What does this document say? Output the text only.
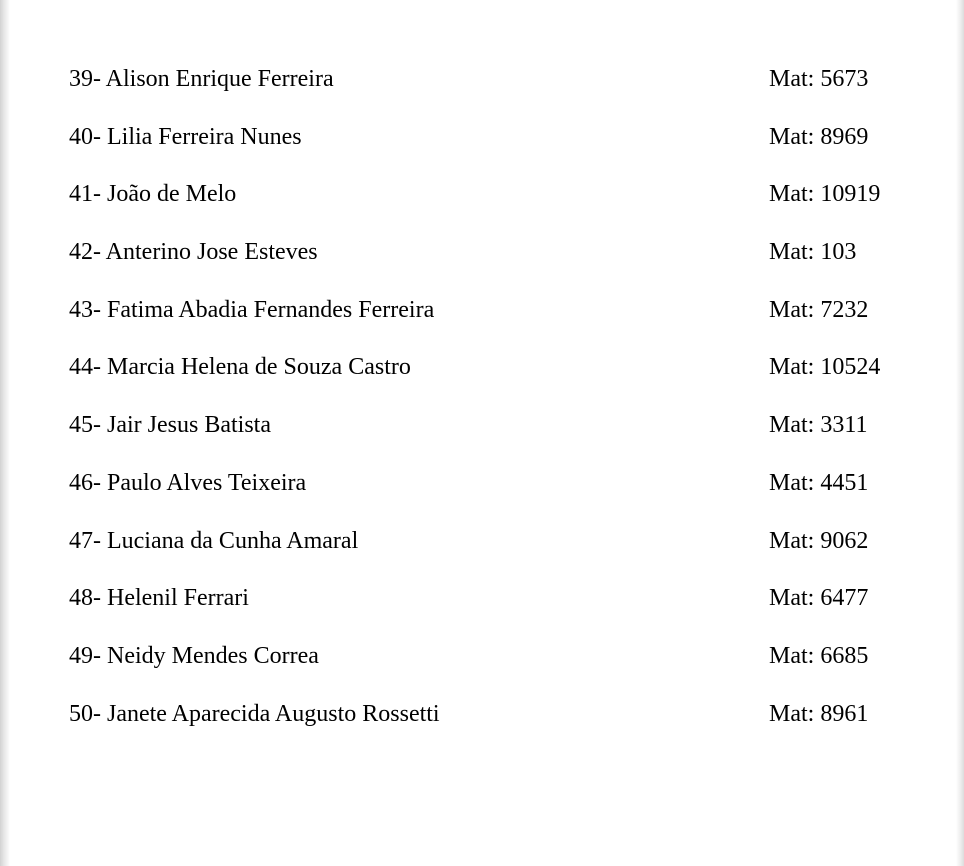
39- Alison Enrique Ferreira	Mat: 5673
40- Lilia Ferreira Nunes	Mat: 8969
41- João de Melo	Mat: 10919
42- Anterino Jose Esteves	Mat: 103
43- Fatima Abadia Fernandes Ferreira	Mat: 7232
44- Marcia Helena de Souza Castro	Mat: 10524
45- Jair Jesus Batista	Mat: 3311
46- Paulo Alves Teixeira	Mat: 4451
47- Luciana da Cunha Amaral	Mat: 9062
48- Helenil Ferrari	Mat: 6477
49- Neidy Mendes Correa	Mat: 6685
50- Janete Aparecida Augusto Rossetti	Mat: 8961
